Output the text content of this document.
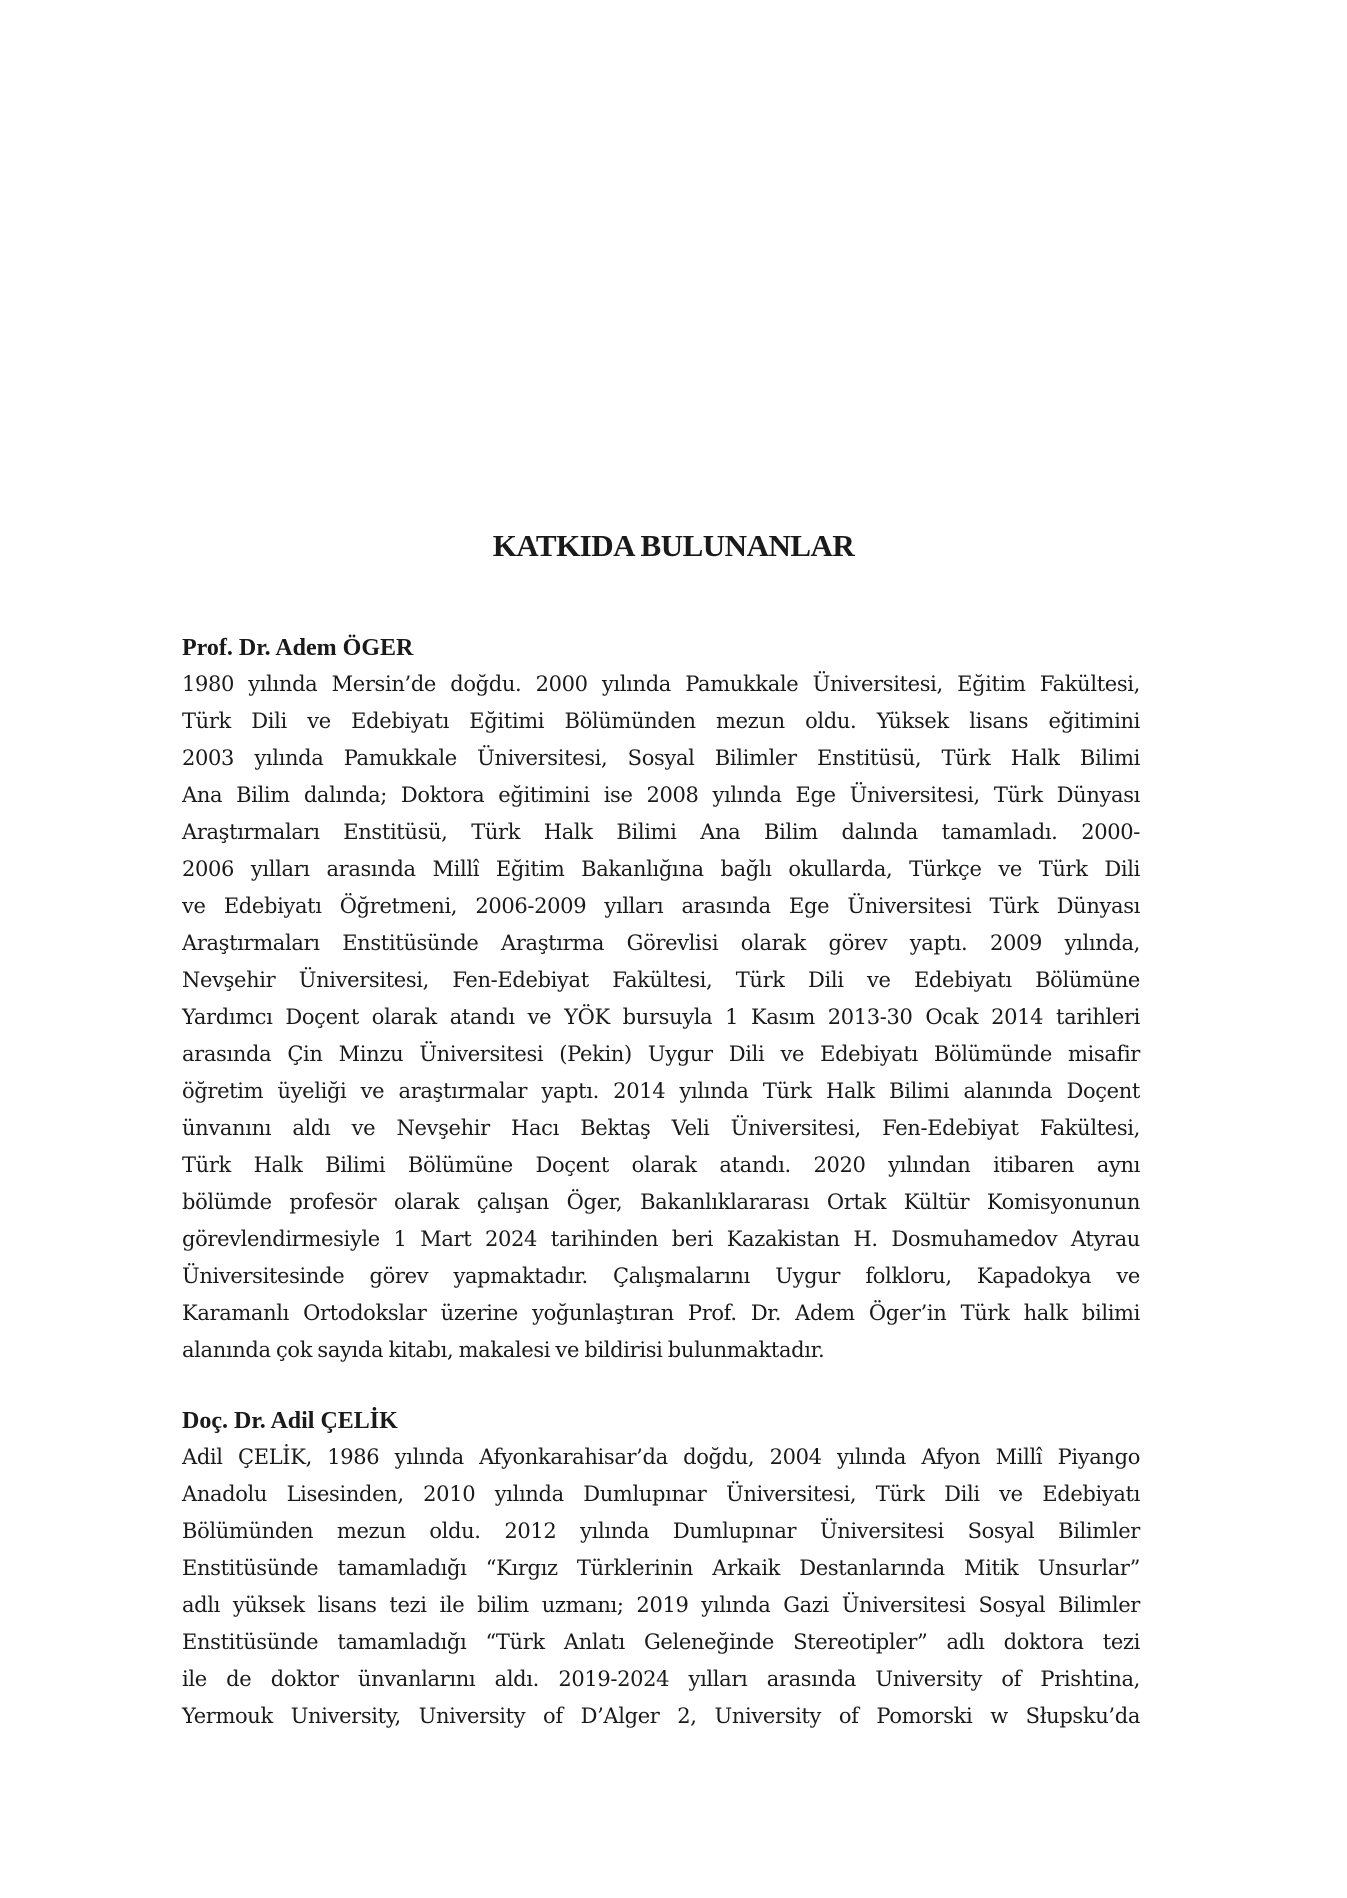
KATKIDA BULUNANLAR
Prof. Dr. Adem ÖGER
1980 yılında Mersin’de doğdu. 2000 yılında Pamukkale Üniversitesi, Eğitim Fakültesi,
Türk Dili ve Edebiyatı Eğitimi Bölümünden mezun oldu. Yüksek lisans eğitimini
2003 yılında Pamukkale Üniversitesi, Sosyal Bilimler Enstitüsü, Türk Halk Bilimi
Ana Bilim dalında; Doktora eğitimini ise 2008 yılında Ege Üniversitesi, Türk Dünyası
Araştırmaları Enstitüsü, Türk Halk Bilimi Ana Bilim dalında tamamladı. 2000-
2006 yılları arasında Millî Eğitim Bakanlığına bağlı okullarda, Türkçe ve Türk Dili
ve Edebiyatı Öğretmeni, 2006-2009 yılları arasında Ege Üniversitesi Türk Dünyası
Araştırmaları Enstitüsünde Araştırma Görevlisi olarak görev yaptı. 2009 yılında,
Nevşehir Üniversitesi, Fen-Edebiyat Fakültesi, Türk Dili ve Edebiyatı Bölümüne
Yardımcı Doçent olarak atandı ve YÖK bursuyla 1 Kasım 2013-30 Ocak 2014 tarihleri
arasında Çin Minzu Üniversitesi (Pekin) Uygur Dili ve Edebiyatı Bölümünde misafir
öğretim üyeliği ve araştırmalar yaptı. 2014 yılında Türk Halk Bilimi alanında Doçent
ünvanını aldı ve Nevşehir Hacı Bektaş Veli Üniversitesi, Fen-Edebiyat Fakültesi,
Türk Halk Bilimi Bölümüne Doçent olarak atandı. 2020 yılından itibaren aynı
bölümde profesör olarak çalışan Öger, Bakanlıklararası Ortak Kültür Komisyonunun
görevlendirmesiyle 1 Mart 2024 tarihinden beri Kazakistan H. Dosmuhamedov Atyrau
Üniversitesinde görev yapmaktadır. Çalışmalarını Uygur folkloru, Kapadokya ve
Karamanlı Ortodokslar üzerine yoğunlaştıran Prof. Dr. Adem Öger’in Türk halk bilimi
alanında çok sayıda kitabı, makalesi ve bildirisi bulunmaktadır.
Doç. Dr. Adil ÇELİK
Adil ÇELİK, 1986 yılında Afyonkarahisar’da doğdu, 2004 yılında Afyon Millî Piyango
Anadolu Lisesinden, 2010 yılında Dumlupınar Üniversitesi, Türk Dili ve Edebiyatı
Bölümünden mezun oldu. 2012 yılında Dumlupınar Üniversitesi Sosyal Bilimler
Enstitüsünde tamamladığı “Kırgız Türklerinin Arkaik Destanlarında Mitik Unsurlar”
adlı yüksek lisans tezi ile bilim uzmanı; 2019 yılında Gazi Üniversitesi Sosyal Bilimler
Enstitüsünde tamamladığı “Türk Anlatı Geleneğinde Stereotipler” adlı doktora tezi
ile de doktor ünvanlarını aldı. 2019-2024 yılları arasında University of Prishtina,
Yermouk University, University of D’Alger 2, University of Pomorski w Słupsku’da
